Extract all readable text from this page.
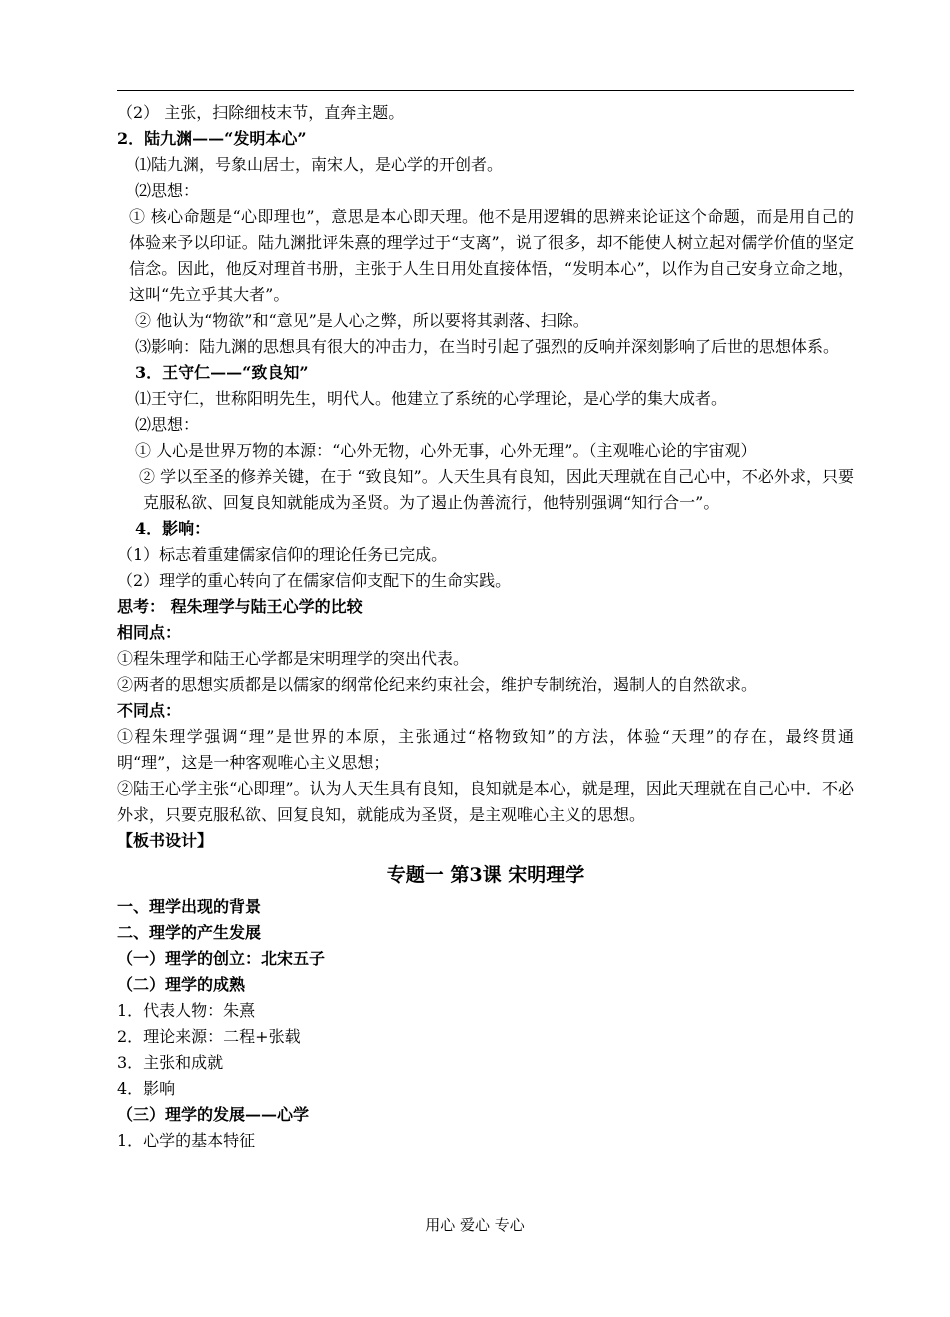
（2） 主张，扫除细枝末节，直奔主题。
2．陆九渊——“发明本心”
⑴陆九渊，号象山居士，南宋人，是心学的开创者。
⑵思想：
① 核心命题是“心即理也”，意思是本心即天理。他不是用逻辑的思辨来论证这个命题，而是用自己的体验来予以印证。陆九渊批评朱熹的理学过于“支离”，说了很多，却不能使人树立起对儒学价值的坚定信念。因此，他反对理首书册，主张于人生日用处直接体悟，“发明本心”，以作为自己安身立命之地，这叫“先立乎其大者”。
② 他认为“物欲”和“意见”是人心之弊，所以要将其剥落、扫除。
⑶影响：陆九渊的思想具有很大的冲击力，在当时引起了强烈的反响并深刻影响了后世的思想体系。
3．王守仁——“致良知”
⑴王守仁，世称阳明先生，明代人。他建立了系统的心学理论，是心学的集大成者。
⑵思想：
① 人心是世界万物的本源：“心外无物，心外无事，心外无理”。（主观唯心论的宇宙观）
② 学以至圣的修养关键，在于 “致良知”。人天生具有良知，因此天理就在自己心中，不必外求，只要克服私欲、回复良知就能成为圣贤。为了遏止伪善流行，他特别强调“知行合一”。
4．影响：
（1）标志着重建儒家信仰的理论任务已完成。
（2）理学的重心转向了在儒家信仰支配下的生命实践。
思考： 程朱理学与陆王心学的比较
相同点：
①程朱理学和陆王心学都是宋明理学的突出代表。
②两者的思想实质都是以儒家的纲常伦纪来约束社会，维护专制统治，遏制人的自然欲求。
不同点：
①程朱理学强调“理”是世界的本原，主张通过“格物致知”的方法，体验“天理”的存在，最终贯通明“理”，这是一种客观唯心主义思想；
②陆王心学主张“心即理”。认为人天生具有良知，良知就是本心，就是理，因此天理就在自己心中．不必外求，只要克服私欲、回复良知，就能成为圣贤，是主观唯心主义的思想。
【板书设计】
专题一 第3课 宋明理学
一、理学出现的背景
二、理学的产生发展
（一）理学的创立：北宋五子
（二）理学的成熟
1．代表人物：朱熹
2．理论来源：二程+张载
3．主张和成就
4．影响
（三）理学的发展——心学
1．心学的基本特征
用心 爱心 专心
